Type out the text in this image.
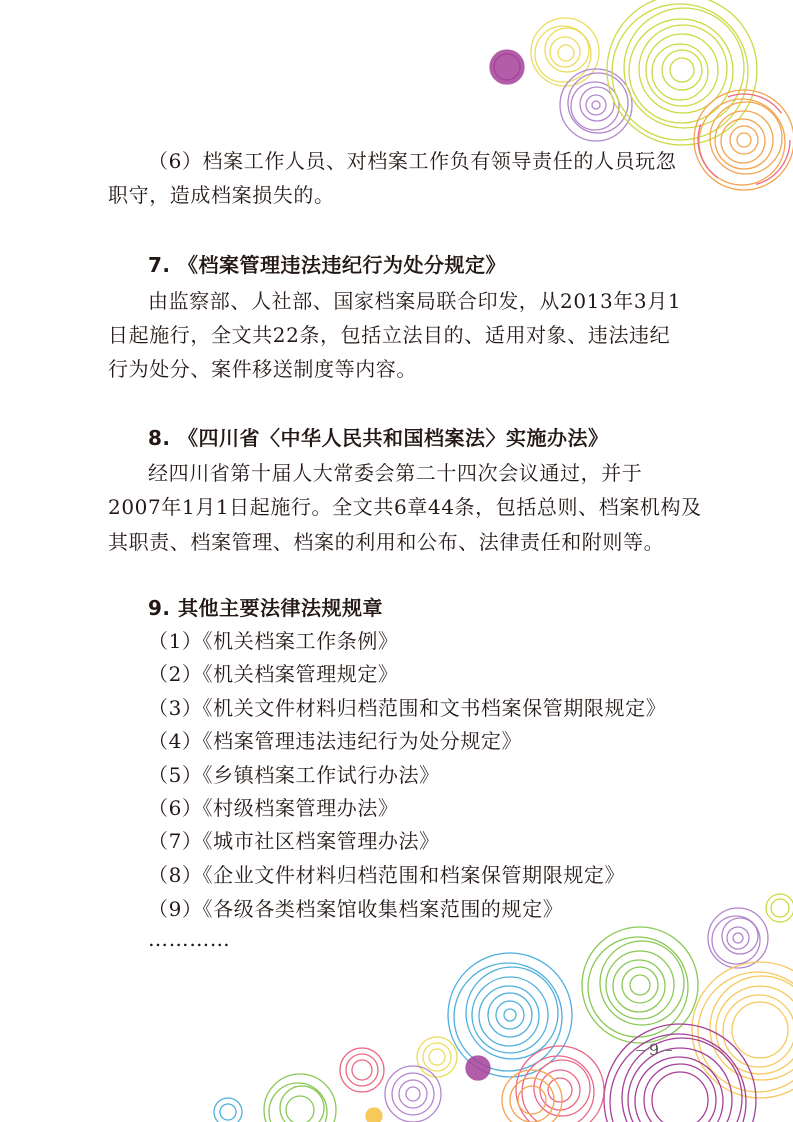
（6）档案工作人员、对档案工作负有领导责任的人员玩忽
职守，造成档案损失的。
7. 《档案管理违法违纪行为处分规定》
由监察部、人社部、国家档案局联合印发，从2013年3月1
日起施行，全文共22条，包括立法目的、适用对象、违法违纪
行为处分、案件移送制度等内容。
8. 《四川省〈中华人民共和国档案法〉实施办法》
经四川省第十届人大常委会第二十四次会议通过，并于
2007年1月1日起施行。全文共6章44条，包括总则、档案机构及
其职责、档案管理、档案的利用和公布、法律责任和附则等。
9. 其他主要法律法规规章
（1）《机关档案工作条例》
（2）《机关档案管理规定》
（3）《机关文件材料归档范围和文书档案保管期限规定》
（4）《档案管理违法违纪行为处分规定》
（5）《乡镇档案工作试行办法》
（6）《村级档案管理办法》
（7）《城市社区档案管理办法》
（8）《企业文件材料归档范围和档案保管期限规定》
（9）《各级各类档案馆收集档案范围的规定》
…………
9
